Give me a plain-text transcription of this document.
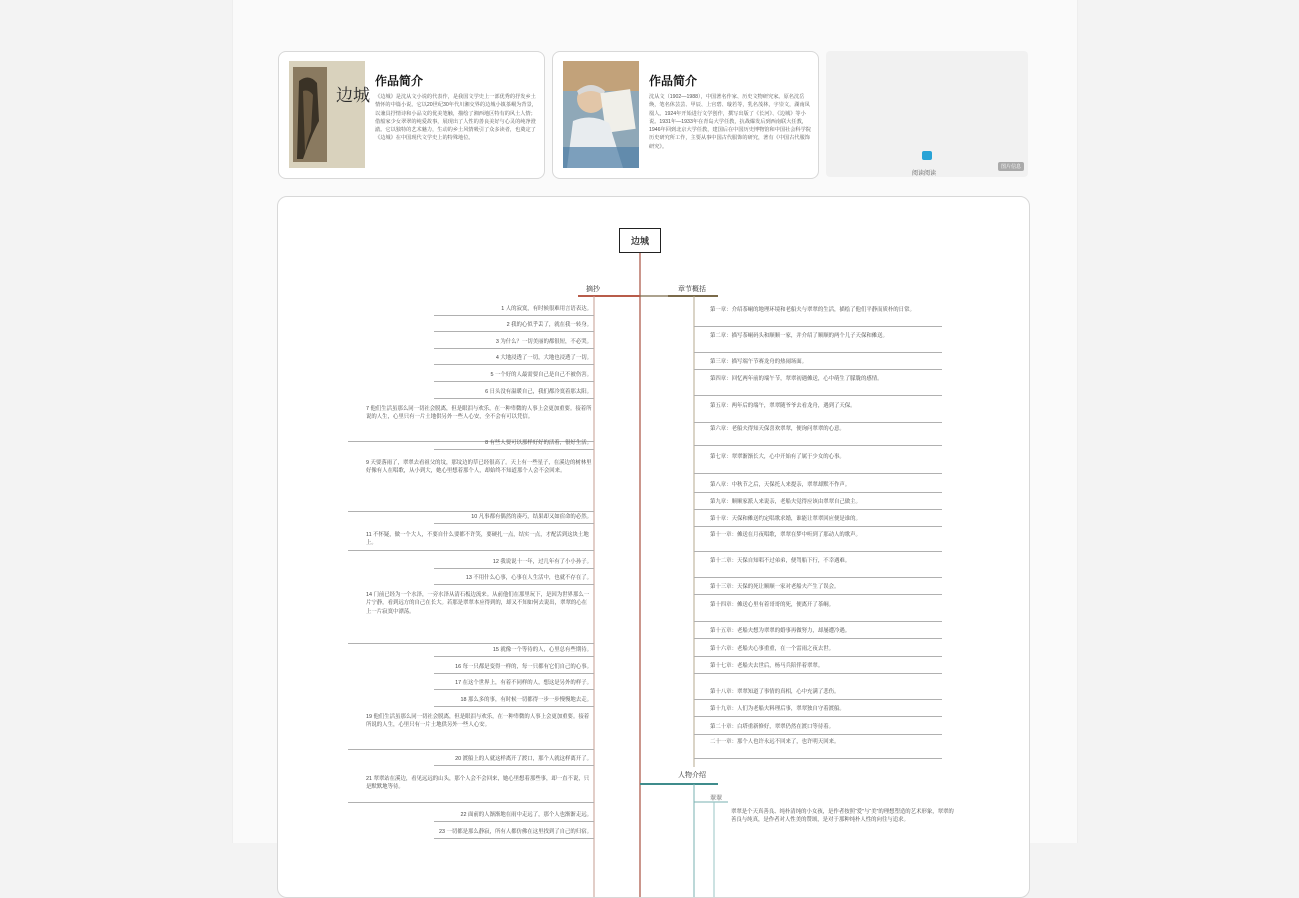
边城
作品简介
《边城》是沈从文小说的代表作，是我国文学史上一部优秀的抒发乡土情怀的中篇小说。它以20世纪30年代川湘交界的边城小镇茶峒为背景，以兼具抒情诗和小品文的优美笔触，描绘了湘西地区特有的风土人情；借船家少女翠翠的纯爱故事，展现出了人性的善良美好与心灵的纯净澄澈。它以独特的艺术魅力，生动的乡土风情吸引了众多读者，也奠定了《边城》在中国现代文学史上的特殊地位。
作品简介
沈从文（1902—1988），中国著名作家、历史文物研究家。原名沈岳焕，笔名休芸芸、甲辰、上官碧、璇若等，乳名茂林，字崇文，湖南凤凰人。1924年开始进行文学创作，撰写出版了《长河》、《边城》等小说。1931年—1933年在青岛大学任教，抗战爆发后到西南联大任教，1946年回到北京大学任教，建国后在中国历史博物馆和中国社会科学院历史研究所工作，主要从事中国古代服饰的研究，著有《中国古代服饰研究》。
阅读阅读
图片信息
边城
摘抄	章节概括
人物介绍
翠翠
翠翠是个天真善良、纯朴清纯的小女孩，是作者按照“爱”与“美”的理想塑造的艺术形象，翠翠的善良与纯真，是作者对人性美的赞颂，是对于那种纯朴人性的向往与追求。
1 人的寂寞，有时候很难用言语表达。
2 我的心似乎丢了，就在我一转身。
3 为什么？一切美丽的都很短，不必哭。
4 大地浸透了一切，大地也浸透了一切。
5 一个好的人最需要自己是自己不被伤害。
6 日头没有温暖自己，我们都冷寞着那太阳。
7 他们生活虽那么同一切社会脱离，但是眼泪与欢乐，在一种卑微的人事上会更加重要。接着所说的人生，心里只有一片土地供另外一些人心安，全不会有可以凭信。
8 有些人要可以那样好好的活着，很好生活。
9 天要落雨了，翠翠去看祖父的坟，那坟边的草已经很高了。天上有一些星子，在溪边的树林里好像有人在唱歌，从小到大，她心里想着那个人，却始终不知道那个人会不会回来。
10 凡事都有偶然的凑巧，结果却又如宿命的必然。
11 不怀疑，做一个大人，不要自什么要都不许笑，要硬扎一点，结实一点，才配活到这块土地上。
12 我说说十一年，过几年有了小小孙子。
13 不用什么心事，心事在人生活中，也就不存在了。
14 门前已经为一个水泽，一旁水泽从清石板边流来。从前他们在那里玩下，是因为世界那么一片宁静，看到远方的自己在长大。若那是翠翠本应得到的，却又不知如何去说出，翠翠的心在上一片寂寞中漂荡。
15 就像一个等待的人，心里总有些期待。
16 每一只都是变得一样的，每一只都有它们自己的心事。
17 在这个世界上，有着不同样的人，想这是另外的样子。
18 那么多的事，有时候一切都得一步一步慢慢地去走。
19 他们生活虽那么同一切社会脱离，但是眼泪与欢乐，在一种卑微的人事上会更加重要。接着所说的人生，心里只有一片土地供另外一些人心安。
20 渡船上的人就这样离开了渡口，那个人就这样离开了。
21 翠翠站在溪边，看见远远的山头，那个人会不会回来，她心里想着那些事，却一直不说，只是默默地等待。
22 面前的人渐渐地在雨中走远了，那个人也渐渐走远。
23 一切都是那么静寂，所有人都仿佛在这里找到了自己的归宿。
第一章：介绍茶峒的地理环境和老船夫与翠翠的生活，描绘了他们平静而质朴的日常。
第二章：描写茶峒码头和顺顺一家，并介绍了顺顺的两个儿子天保和傩送。
第三章：描写端午节赛龙舟的热闹场面。
第四章：回忆两年前的端午节，翠翠初遇傩送，心中萌生了朦胧的感情。
第五章：两年后的端午，翠翠随爷爷去看龙舟，遇到了天保。
第六章：老船夫得知天保喜欢翠翠，便询问翠翠的心意。
第七章：翠翠渐渐长大，心中开始有了属于少女的心事。
第八章：中秋节之后，天保托人来提亲，翠翠却默不作声。
第九章：顺顺家派人来说亲，老船夫觉得应该由翠翠自己做主。
第十章：天保和傩送约定唱歌求婚，谁能让翠翠回应便是谁的。
第十一章：傩送在月夜唱歌，翠翠在梦中听到了那动人的歌声。
第十二章：天保自知唱不过弟弟，便驾船下行，不幸遇难。
第十三章：天保的死让顺顺一家对老船夫产生了误会。
第十四章：傩送心里有着哥哥的死，便离开了茶峒。
第十五章：老船夫想为翠翠的婚事再做努力，却屡遭冷遇。
第十六章：老船夫心事重重，在一个雷雨之夜去世。
第十七章：老船夫去世后，杨马兵陪伴着翠翠。
第十八章：翠翠知道了事情的真相，心中充满了悲伤。
第十九章：人们为老船夫料理后事，翠翠独自守着渡船。
第二十章：白塔重新修好，翠翠仍然在渡口等待着。
二十一章：那个人也许永远不回来了，也许明天回来。
